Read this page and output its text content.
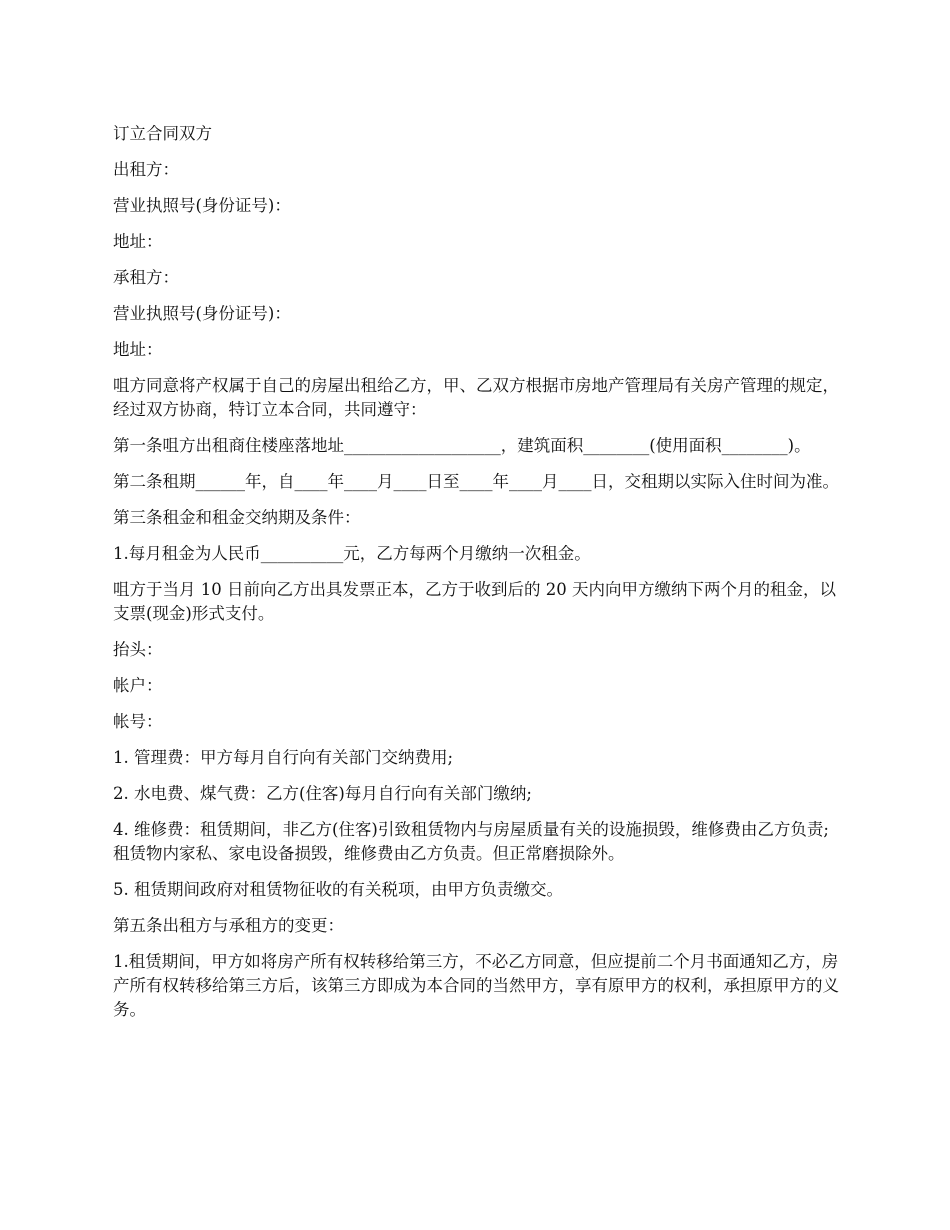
订立合同双方

出租方：

营业执照号(身份证号)：

地址：

承租方：

营业执照号(身份证号)：

地址：

咀方同意将产权属于自己的房屋出租给乙方，甲、乙双方根据市房地产管理局有关房产管理的规定，经过双方协商，特订立本合同，共同遵守：

第一条咀方出租商住楼座落地址___________________，建筑面积________(使用面积________)。

第二条租期______年，自____年____月____日至____年____月____日，交租期以实际入住时间为准。

第三条租金和租金交纳期及条件：

1.每月租金为人民币__________元，乙方每两个月缴纳一次租金。

咀方于当月 10 日前向乙方出具发票正本，乙方于收到后的 20 天内向甲方缴纳下两个月的租金，以支票(现金)形式支付。

抬头：

帐户：

帐号：

1. 管理费：甲方每月自行向有关部门交纳费用;

2. 水电费、煤气费：乙方(住客)每月自行向有关部门缴纳;

4. 维修费：租赁期间，非乙方(住客)引致租赁物内与房屋质量有关的设施损毁，维修费由乙方负责;租赁物内家私、家电设备损毁，维修费由乙方负责。但正常磨损除外。

5. 租赁期间政府对租赁物征收的有关税项，由甲方负责缴交。

第五条出租方与承租方的变更：

1.租赁期间，甲方如将房产所有权转移给第三方，不必乙方同意，但应提前二个月书面通知乙方，房产所有权转移给第三方后，该第三方即成为本合同的当然甲方，享有原甲方的权利，承担原甲方的义务。
